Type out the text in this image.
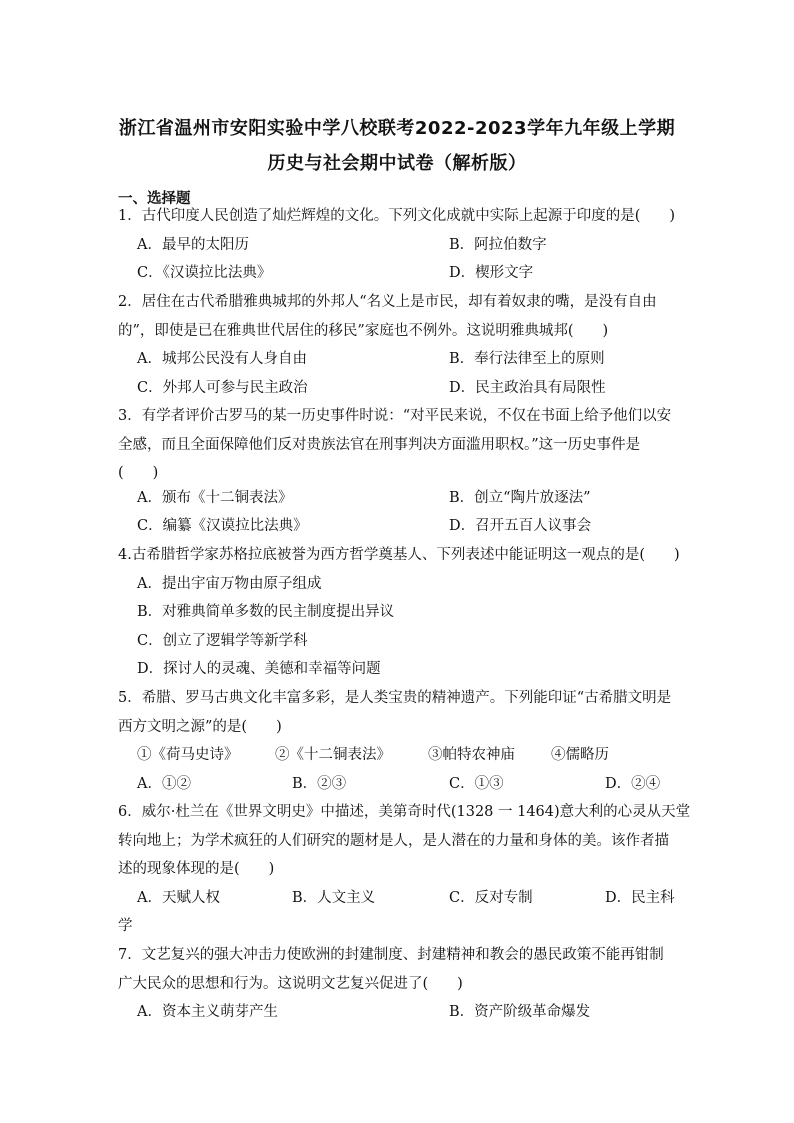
浙江省温州市安阳实验中学八校联考2022-2023学年九年级上学期
历史与社会期中试卷（解析版）
一、选择题
1．古代印度人民创造了灿烂辉煌的文化。下列文化成就中实际上起源于印度的是(　　)
A．最早的太阳历	B．阿拉伯数字
C．《汉谟拉比法典》	D．楔形文字
2．居住在古代希腊雅典城邦的外邦人“名义上是市民，却有着奴隶的嘴，是没有自由
的”，即使是已在雅典世代居住的移民”家庭也不例外。这说明雅典城邦(　　)
A．城邦公民没有人身自由	B．奉行法律至上的原则
C．外邦人可参与民主政治	D．民主政治具有局限性
3．有学者评价古罗马的某一历史事件时说：“对平民来说，不仅在书面上给予他们以安
全感，而且全面保障他们反对贵族法官在刑事判决方面滥用职权。”这一历史事件是
(　　)
A．颁布《十二铜表法》	B．创立“陶片放逐法”
C．编纂《汉谟拉比法典》	D．召开五百人议事会
4.古希腊哲学家苏格拉底被誉为西方哲学奠基人、下列表述中能证明这一观点的是(　　)
A．提出宇宙万物由原子组成
B．对雅典简单多数的民主制度提出异议
C．创立了逻辑学等新学科
D．探讨人的灵魂、美德和幸福等问题
5．希腊、罗马古典文化丰富多彩，是人类宝贵的精神遗产。下列能印证“古希腊文明是
西方文明之源”的是(　　)
①《荷马史诗》	②《十二铜表法》	③帕特农神庙 ④儒略历
A．①②	B．②③	C．①③	D．②④
6．威尔·杜兰在《世界文明史》中描述，美第奇时代(1328 一 1464)意大利的心灵从天堂
转向地上；为学术疯狂的人们研究的题材是人，是人潜在的力量和身体的美。该作者描
述的现象体现的是(　　)
A．天赋人权	B．人文主义	C．反对专制	D．民主科
学
7．文艺复兴的强大冲击力使欧洲的封建制度、封建精神和教会的愚民政策不能再钳制
广大民众的思想和行为。这说明文艺复兴促进了(　　)
A．资本主义萌芽产生	B．资产阶级革命爆发
